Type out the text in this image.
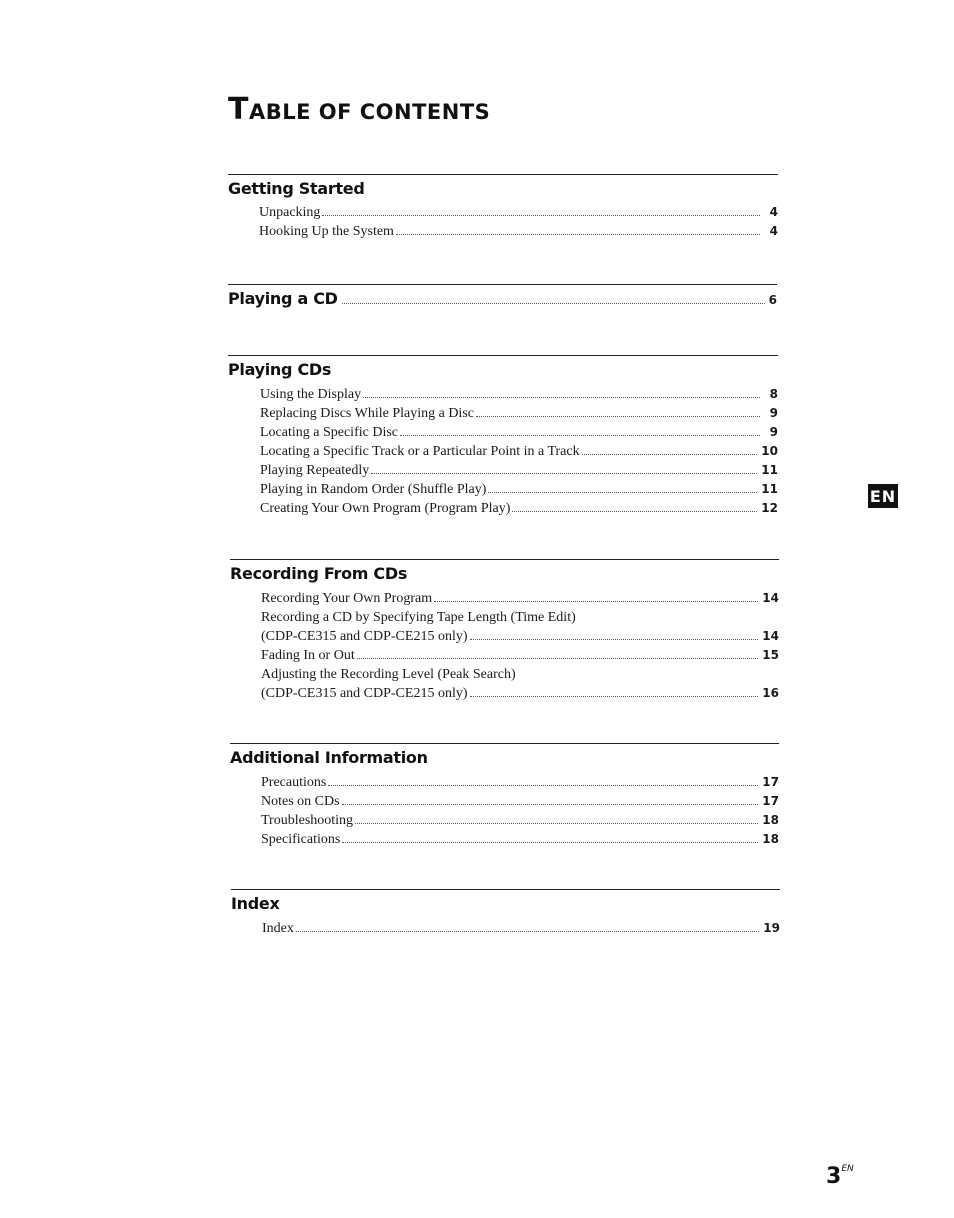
TABLE OF CONTENTS
Getting Started
Unpacking	4
Hooking Up the System	4
Playing a CD	6
Playing CDs
Using the Display	8
Replacing Discs While Playing a Disc	9
Locating a Specific Disc	9
Locating a Specific Track or a Particular Point in a Track	10
Playing Repeatedly	11
Playing in Random Order (Shuffle Play)	11
Creating Your Own Program (Program Play)	12
Recording From CDs
Recording Your Own Program	14
Recording a CD by Specifying Tape Length (Time Edit)
(CDP-CE315 and CDP-CE215 only)	14
Fading In or Out	15
Adjusting the Recording Level (Peak Search)
(CDP-CE315 and CDP-CE215 only)	16
Additional Information
Precautions	17
Notes on CDs	17
Troubleshooting	18
Specifications	18
Index
Index	19
EN
$3^{EN}$
